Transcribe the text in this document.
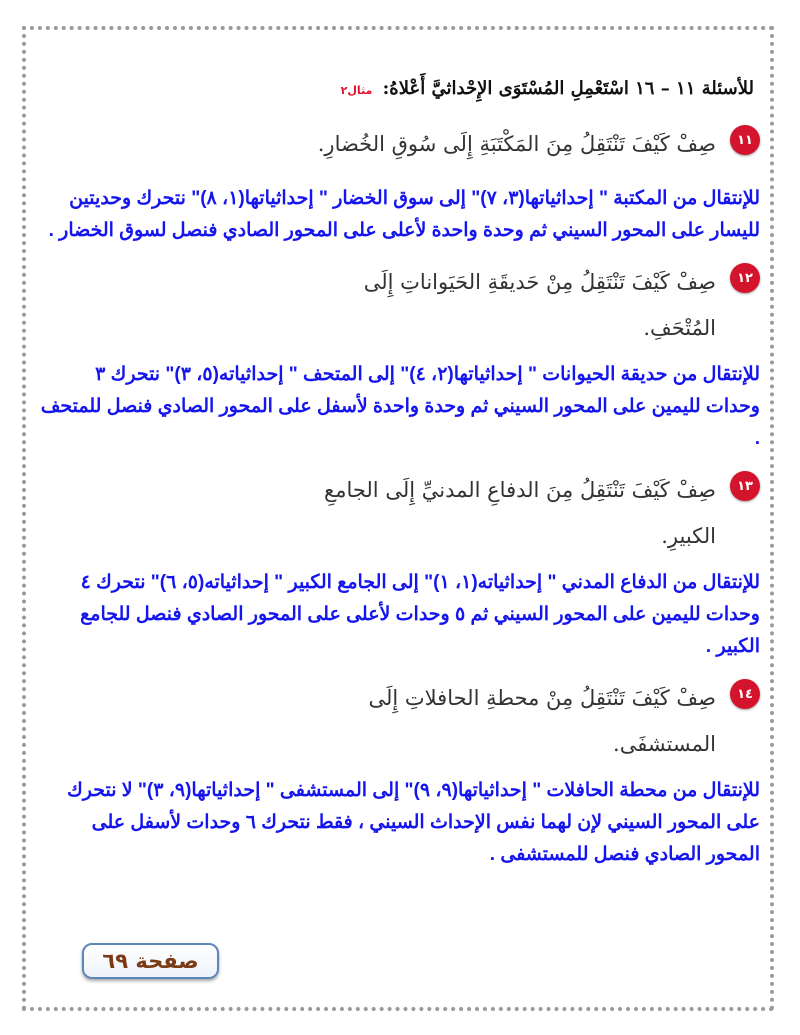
للأسئلة ١١ – ١٦ اسْتَعْمِلِ المُسْتَوَى الإِحْداثيَّ أَعْلاهُ: مثال٢
١١
صِفْ كَيْفَ تَنْتَقِلُ مِنَ المَكْتَبَةِ إِلَى سُوقِ الخُضارِ.
للإنتقال من المكتبة " إحداثياتها(٣، ٧)" إلى سوق الخضار " إحداثياتها(١، ٨)" نتحرك وحديتين لليسار على المحور السيني ثم وحدة واحدة لأعلى على المحور الصادي فنصل لسوق الخضار .
١٢
صِفْ كَيْفَ تَنْتَقِلُ مِنْ حَديقَةِ الحَيَواناتِ إِلَى المُتْحَفِ.
للإنتقال من حديقة الحيوانات " إحداثياتها(٢، ٤)" إلى المتحف " إحداثياته(٥، ٣)" نتحرك ٣ وحدات لليمين على المحور السيني ثم وحدة واحدة لأسفل على المحور الصادي فنصل للمتحف .
١٣
صِفْ كَيْفَ تَنْتَقِلُ مِنَ الدفاعِ المدنيِّ إِلَى الجامعِ الكبيرِ.
للإنتقال من الدفاع المدني " إحداثياته(١، ١)" إلى الجامع الكبير " إحداثياته(٥، ٦)" نتحرك ٤ وحدات لليمين على المحور السيني ثم ٥ وحدات لأعلى على المحور الصادي فنصل للجامع الكبير .
١٤
صِفْ كَيْفَ تَنْتَقِلُ مِنْ محطةِ الحافلاتِ إِلَى المستشفَى.
للإنتقال من محطة الحافلات " إحداثياتها(٩، ٩)" إلى المستشفى " إحداثياتها(٩، ٣)" لا نتحرك على المحور السيني لإن لهما نفس الإحداث السيني ، فقط نتحرك ٦ وحدات لأسفل على المحور الصادي فنصل للمستشفى .
صفحة ٦٩
